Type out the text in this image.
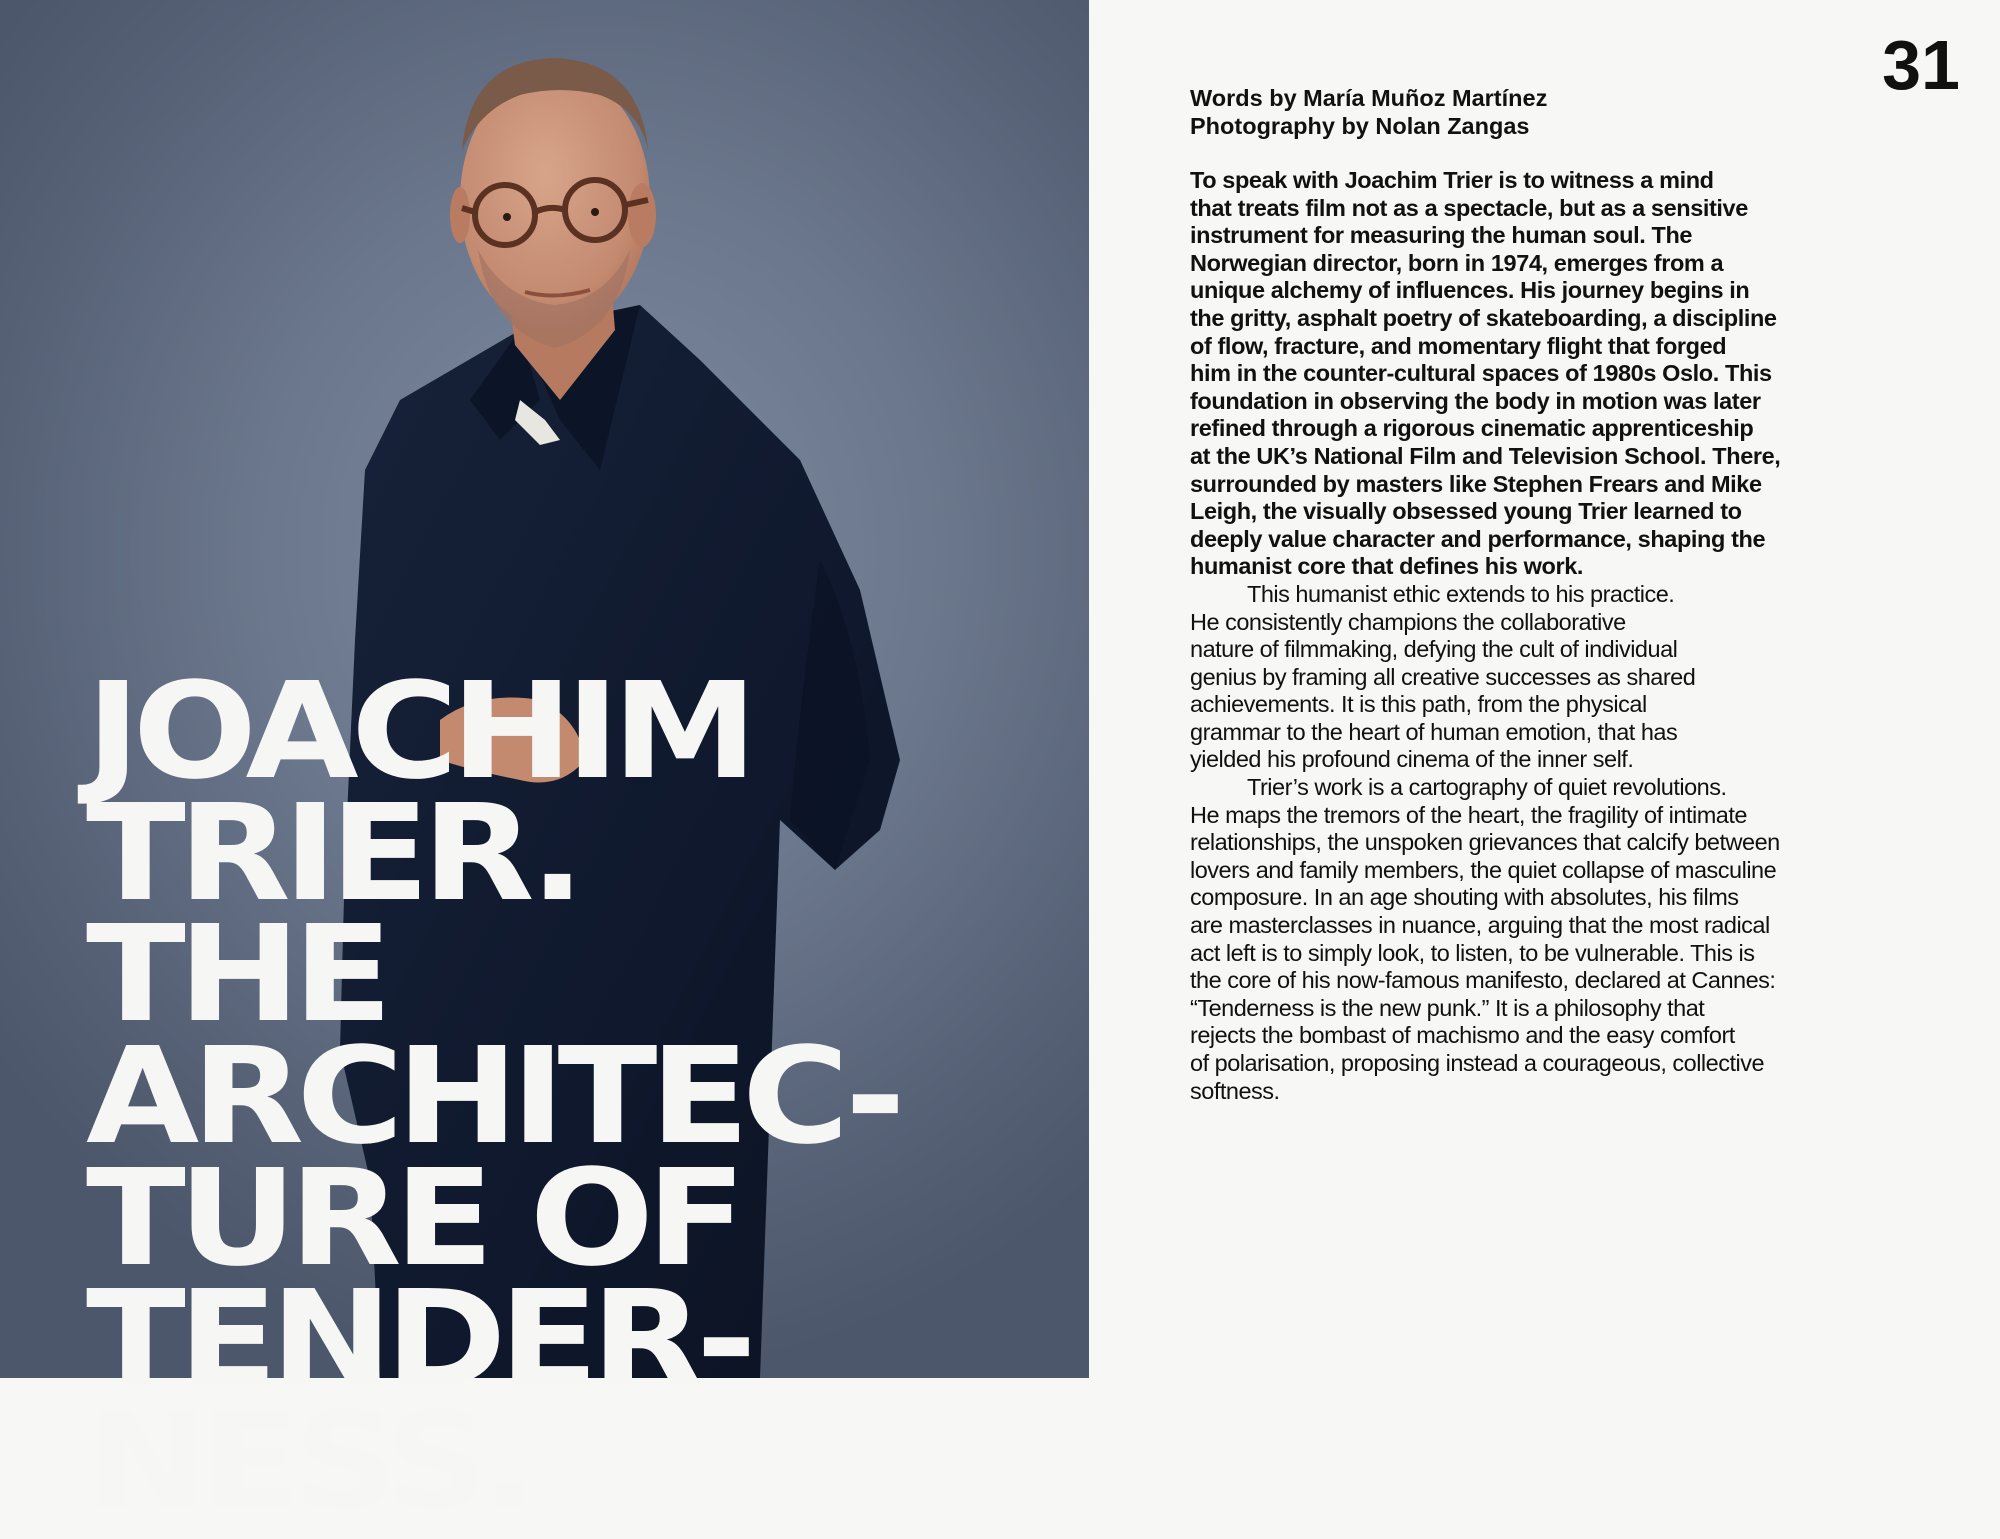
JOACHIM
TRIER.
THE
ARCHITEC-
TURE OF
TENDER-
NESS.
31
Words by María Muñoz Martínez
Photography by Nolan Zangas
To speak with Joachim Trier is to witness a mind
that treats film not as a spectacle, but as a sensitive
instrument for measuring the human soul. The
Norwegian director, born in 1974, emerges from a
unique alchemy of influences. His journey begins in
the gritty, asphalt poetry of skateboarding, a discipline
of flow, fracture, and momentary flight that forged
him in the counter-cultural spaces of 1980s Oslo. This
foundation in observing the body in motion was later
refined through a rigorous cinematic apprenticeship
at the UK’s National Film and Television School. There,
surrounded by masters like Stephen Frears and Mike
Leigh, the visually obsessed young Trier learned to
deeply value character and performance, shaping the
humanist core that defines his work.
This humanist ethic extends to his practice.
He consistently champions the collaborative
nature of filmmaking, defying the cult of individual
genius by framing all creative successes as shared
achievements. It is this path, from the physical
grammar to the heart of human emotion, that has
yielded his profound cinema of the inner self.
Trier’s work is a cartography of quiet revolutions.
He maps the tremors of the heart, the fragility of intimate
relationships, the unspoken grievances that calcify between
lovers and family members, the quiet collapse of masculine
composure. In an age shouting with absolutes, his films
are masterclasses in nuance, arguing that the most radical
act left is to simply look, to listen, to be vulnerable. This is
the core of his now-famous manifesto, declared at Cannes:
“Tenderness is the new punk.” It is a philosophy that
rejects the bombast of machismo and the easy comfort
of polarisation, proposing instead a courageous, collective
softness.
